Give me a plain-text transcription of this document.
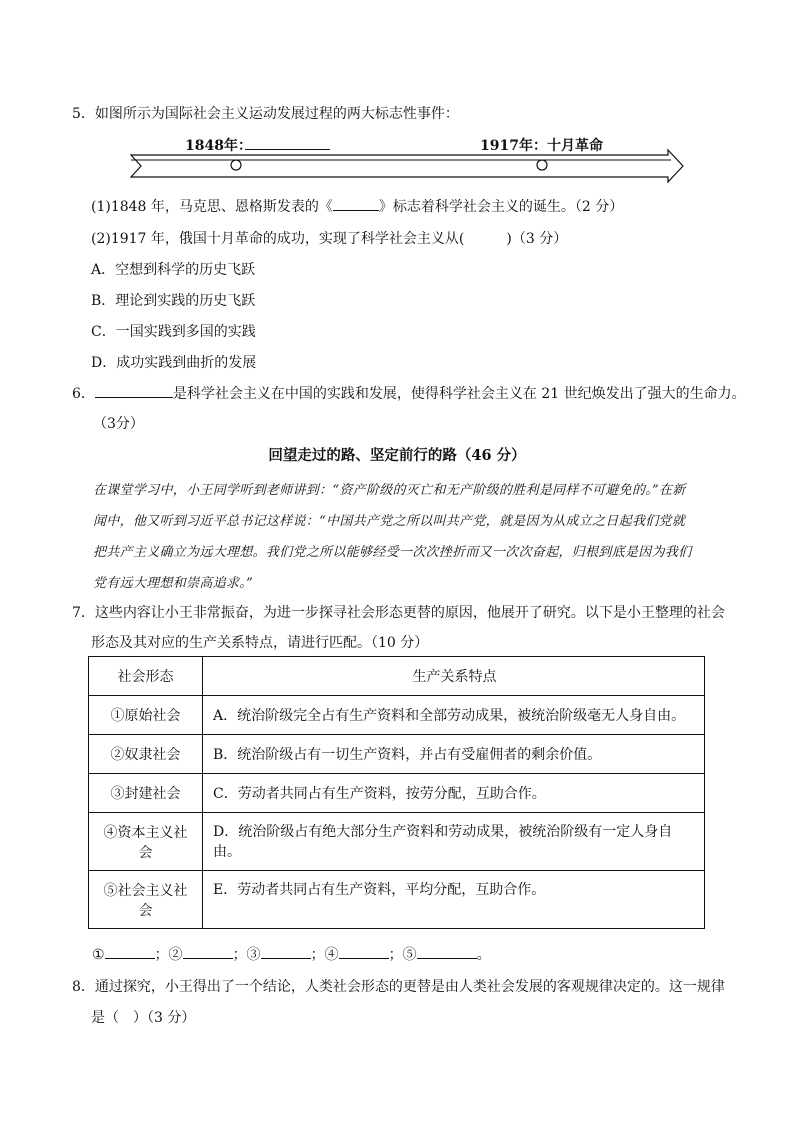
5．如图所示为国际社会主义运动发展过程的两大标志性事件：
1848年：	1917年：十月革命
(1)1848 年，马克思、恩格斯发表的《	》标志着科学社会主义的诞生。（2 分）
(2)1917 年，俄国十月革命的成功，实现了科学社会主义从(　　　)（3 分）
A．空想到科学的历史飞跃
B．理论到实践的历史飞跃
C．一国实践到多国的实践
D．成功实践到曲折的发展
6．	是科学社会主义在中国的实践和发展，使得科学社会主义在 21 世纪焕发出了强大的生命力。
（3分）
回望走过的路、坚定前行的路（46 分）
在课堂学习中，小王同学听到老师讲到：“资产阶级的灭亡和无产阶级的胜利是同样不可避免的。”在新
闻中，他又听到习近平总书记这样说：“中国共产党之所以叫共产党，就是因为从成立之日起我们党就
把共产主义确立为远大理想。我们党之所以能够经受一次次挫折而又一次次奋起，归根到底是因为我们
党有远大理想和崇高追求。”
7．这些内容让小王非常振奋，为进一步探寻社会形态更替的原因，他展开了研究。以下是小王整理的社会
形态及其对应的生产关系特点，请进行匹配。（10 分）
社会形态	生产关系特点
①原始社会	A．统治阶级完全占有生产资料和全部劳动成果，被统治阶级毫无人身自由。
②奴隶社会	B．统治阶级占有一切生产资料，并占有受雇佣者的剩余价值。
③封建社会	C．劳动者共同占有生产资料，按劳分配，互助合作。

④资本主义社
会	D．统治阶级占有绝大部分生产资料和劳动成果，被统治阶级有一定人身自由。

⑤社会主义社
会	E．劳动者共同占有生产资料，平均分配，互助合作。
①	；②	；③	；④	；⑤	。
8．通过探究，小王得出了一个结论，人类社会形态的更替是由人类社会发展的客观规律决定的。这一规律
是（　）（3 分）
